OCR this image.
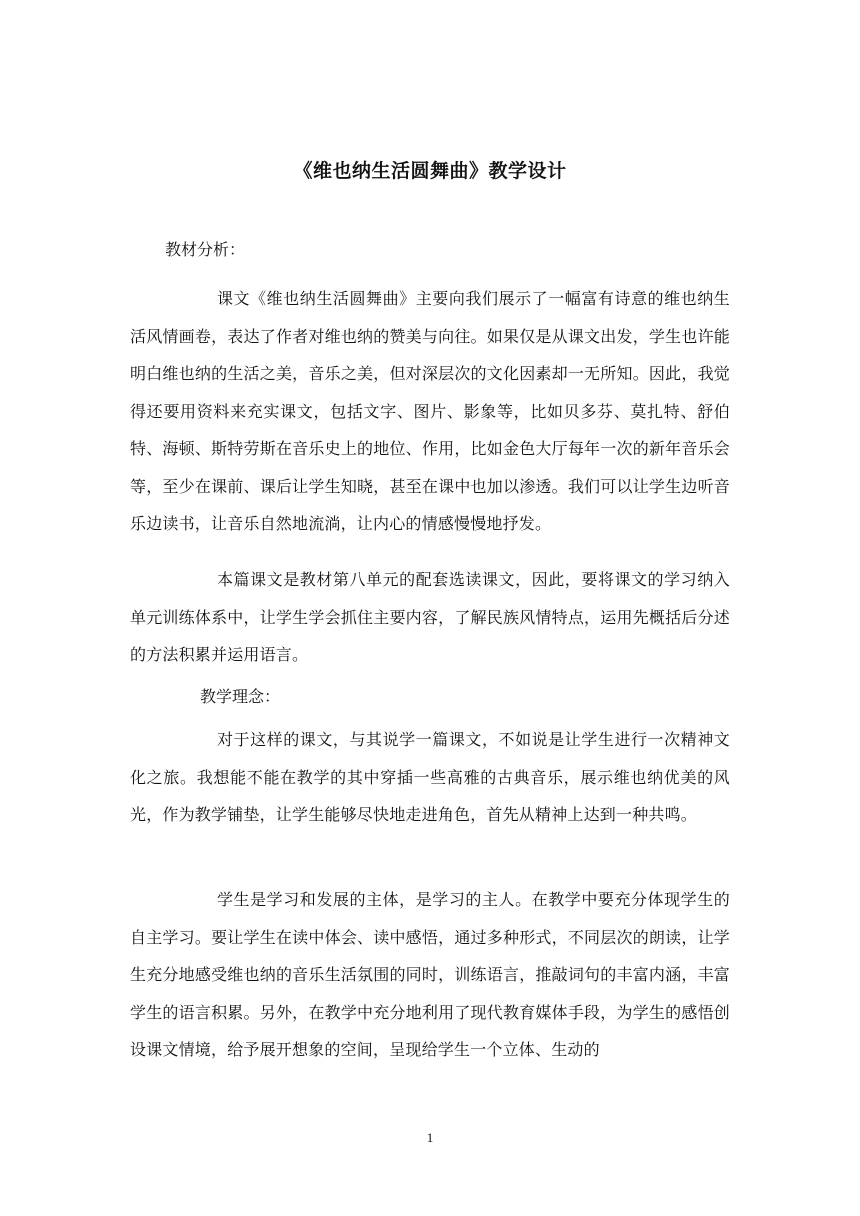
《维也纳生活圆舞曲》教学设计
教材分析：
课文《维也纳生活圆舞曲》主要向我们展示了一幅富有诗意的维也纳生活风情画卷，表达了作者对维也纳的赞美与向往。如果仅是从课文出发，学生也许能明白维也纳的生活之美，音乐之美，但对深层次的文化因素却一无所知。因此，我觉得还要用资料来充实课文，包括文字、图片、影象等，比如贝多芬、莫扎特、舒伯特、海顿、斯特劳斯在音乐史上的地位、作用，比如金色大厅每年一次的新年音乐会等，至少在课前、课后让学生知晓，甚至在课中也加以渗透。我们可以让学生边听音乐边读书，让音乐自然地流淌，让内心的情感慢慢地抒发。
本篇课文是教材第八单元的配套选读课文，因此，要将课文的学习纳入单元训练体系中，让学生学会抓住主要内容，了解民族风情特点，运用先概括后分述的方法积累并运用语言。
教学理念：
对于这样的课文，与其说学一篇课文，不如说是让学生进行一次精神文化之旅。我想能不能在教学的其中穿插一些高雅的古典音乐，展示维也纳优美的风光，作为教学铺垫，让学生能够尽快地走进角色，首先从精神上达到一种共鸣。
学生是学习和发展的主体，是学习的主人。在教学中要充分体现学生的自主学习。要让学生在读中体会、读中感悟，通过多种形式，不同层次的朗读，让学生充分地感受维也纳的音乐生活氛围的同时，训练语言，推敲词句的丰富内涵，丰富学生的语言积累。另外，在教学中充分地利用了现代教育媒体手段，为学生的感悟创设课文情境，给予展开想象的空间，呈现给学生一个立体、生动的
1
